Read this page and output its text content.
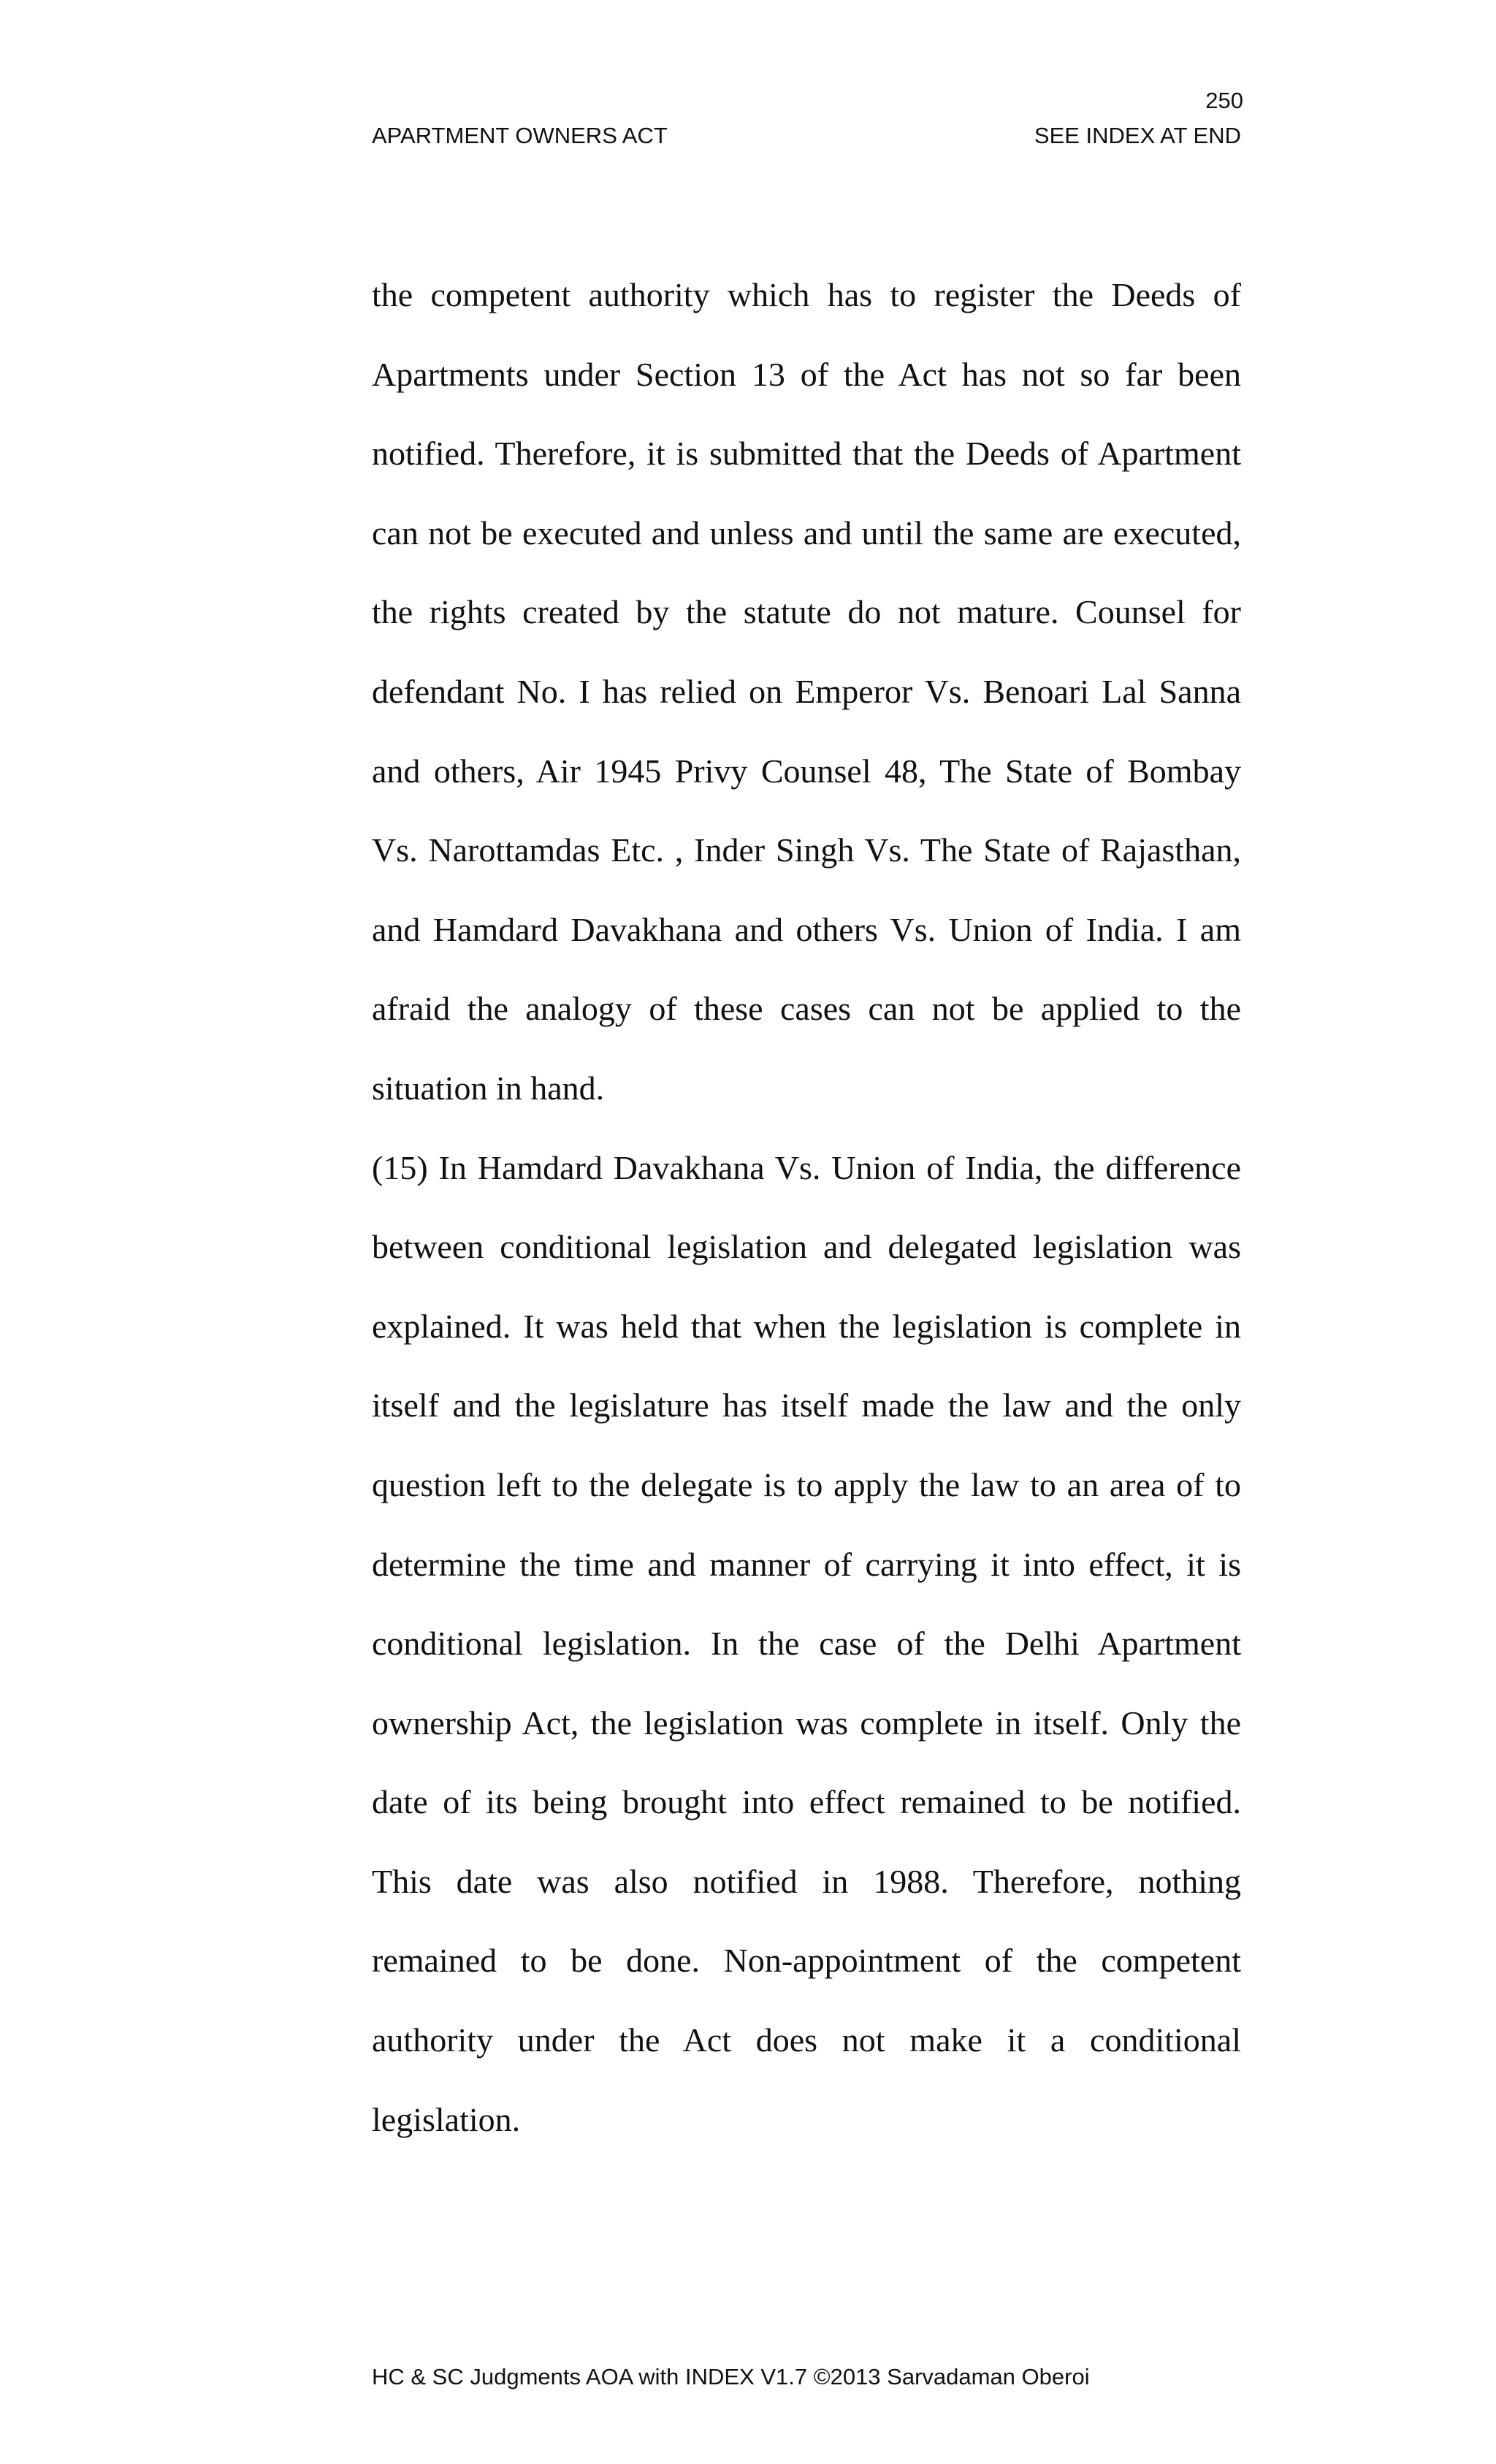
250
APARTMENT OWNERS ACT	SEE INDEX AT END

the competent authority which has to register the Deeds of Apartments under Section 13 of the Act has not so far been notified. Therefore, it is submitted that the Deeds of Apartment can not be executed and unless and until the same are executed, the rights created by the statute do not mature. Counsel for defendant No. I has relied on Emperor Vs. Benoari Lal Sanna and others, Air 1945 Privy Counsel 48, The State of Bombay Vs. Narottamdas Etc. , Inder Singh Vs. The State of Rajasthan, and Hamdard Davakhana and others Vs. Union of India. I am afraid the analogy of these cases can not be applied to the situation in hand.

(15) In Hamdard Davakhana Vs. Union of India, the difference between conditional legislation and delegated legislation was explained. It was held that when the legislation is complete in itself and the legislature has itself made the law and the only question left to the delegate is to apply the law to an area of to determine the time and manner of carrying it into effect, it is conditional legislation. In the case of the Delhi Apartment ownership Act, the legislation was complete in itself. Only the date of its being brought into effect remained to be notified. This date was also notified in 1988. Therefore, nothing remained to be done. Non-appointment of the competent authority under the Act does not make it a conditional legislation.

HC & SC Judgments AOA with INDEX V1.7 ©2013 Sarvadaman Oberoi
